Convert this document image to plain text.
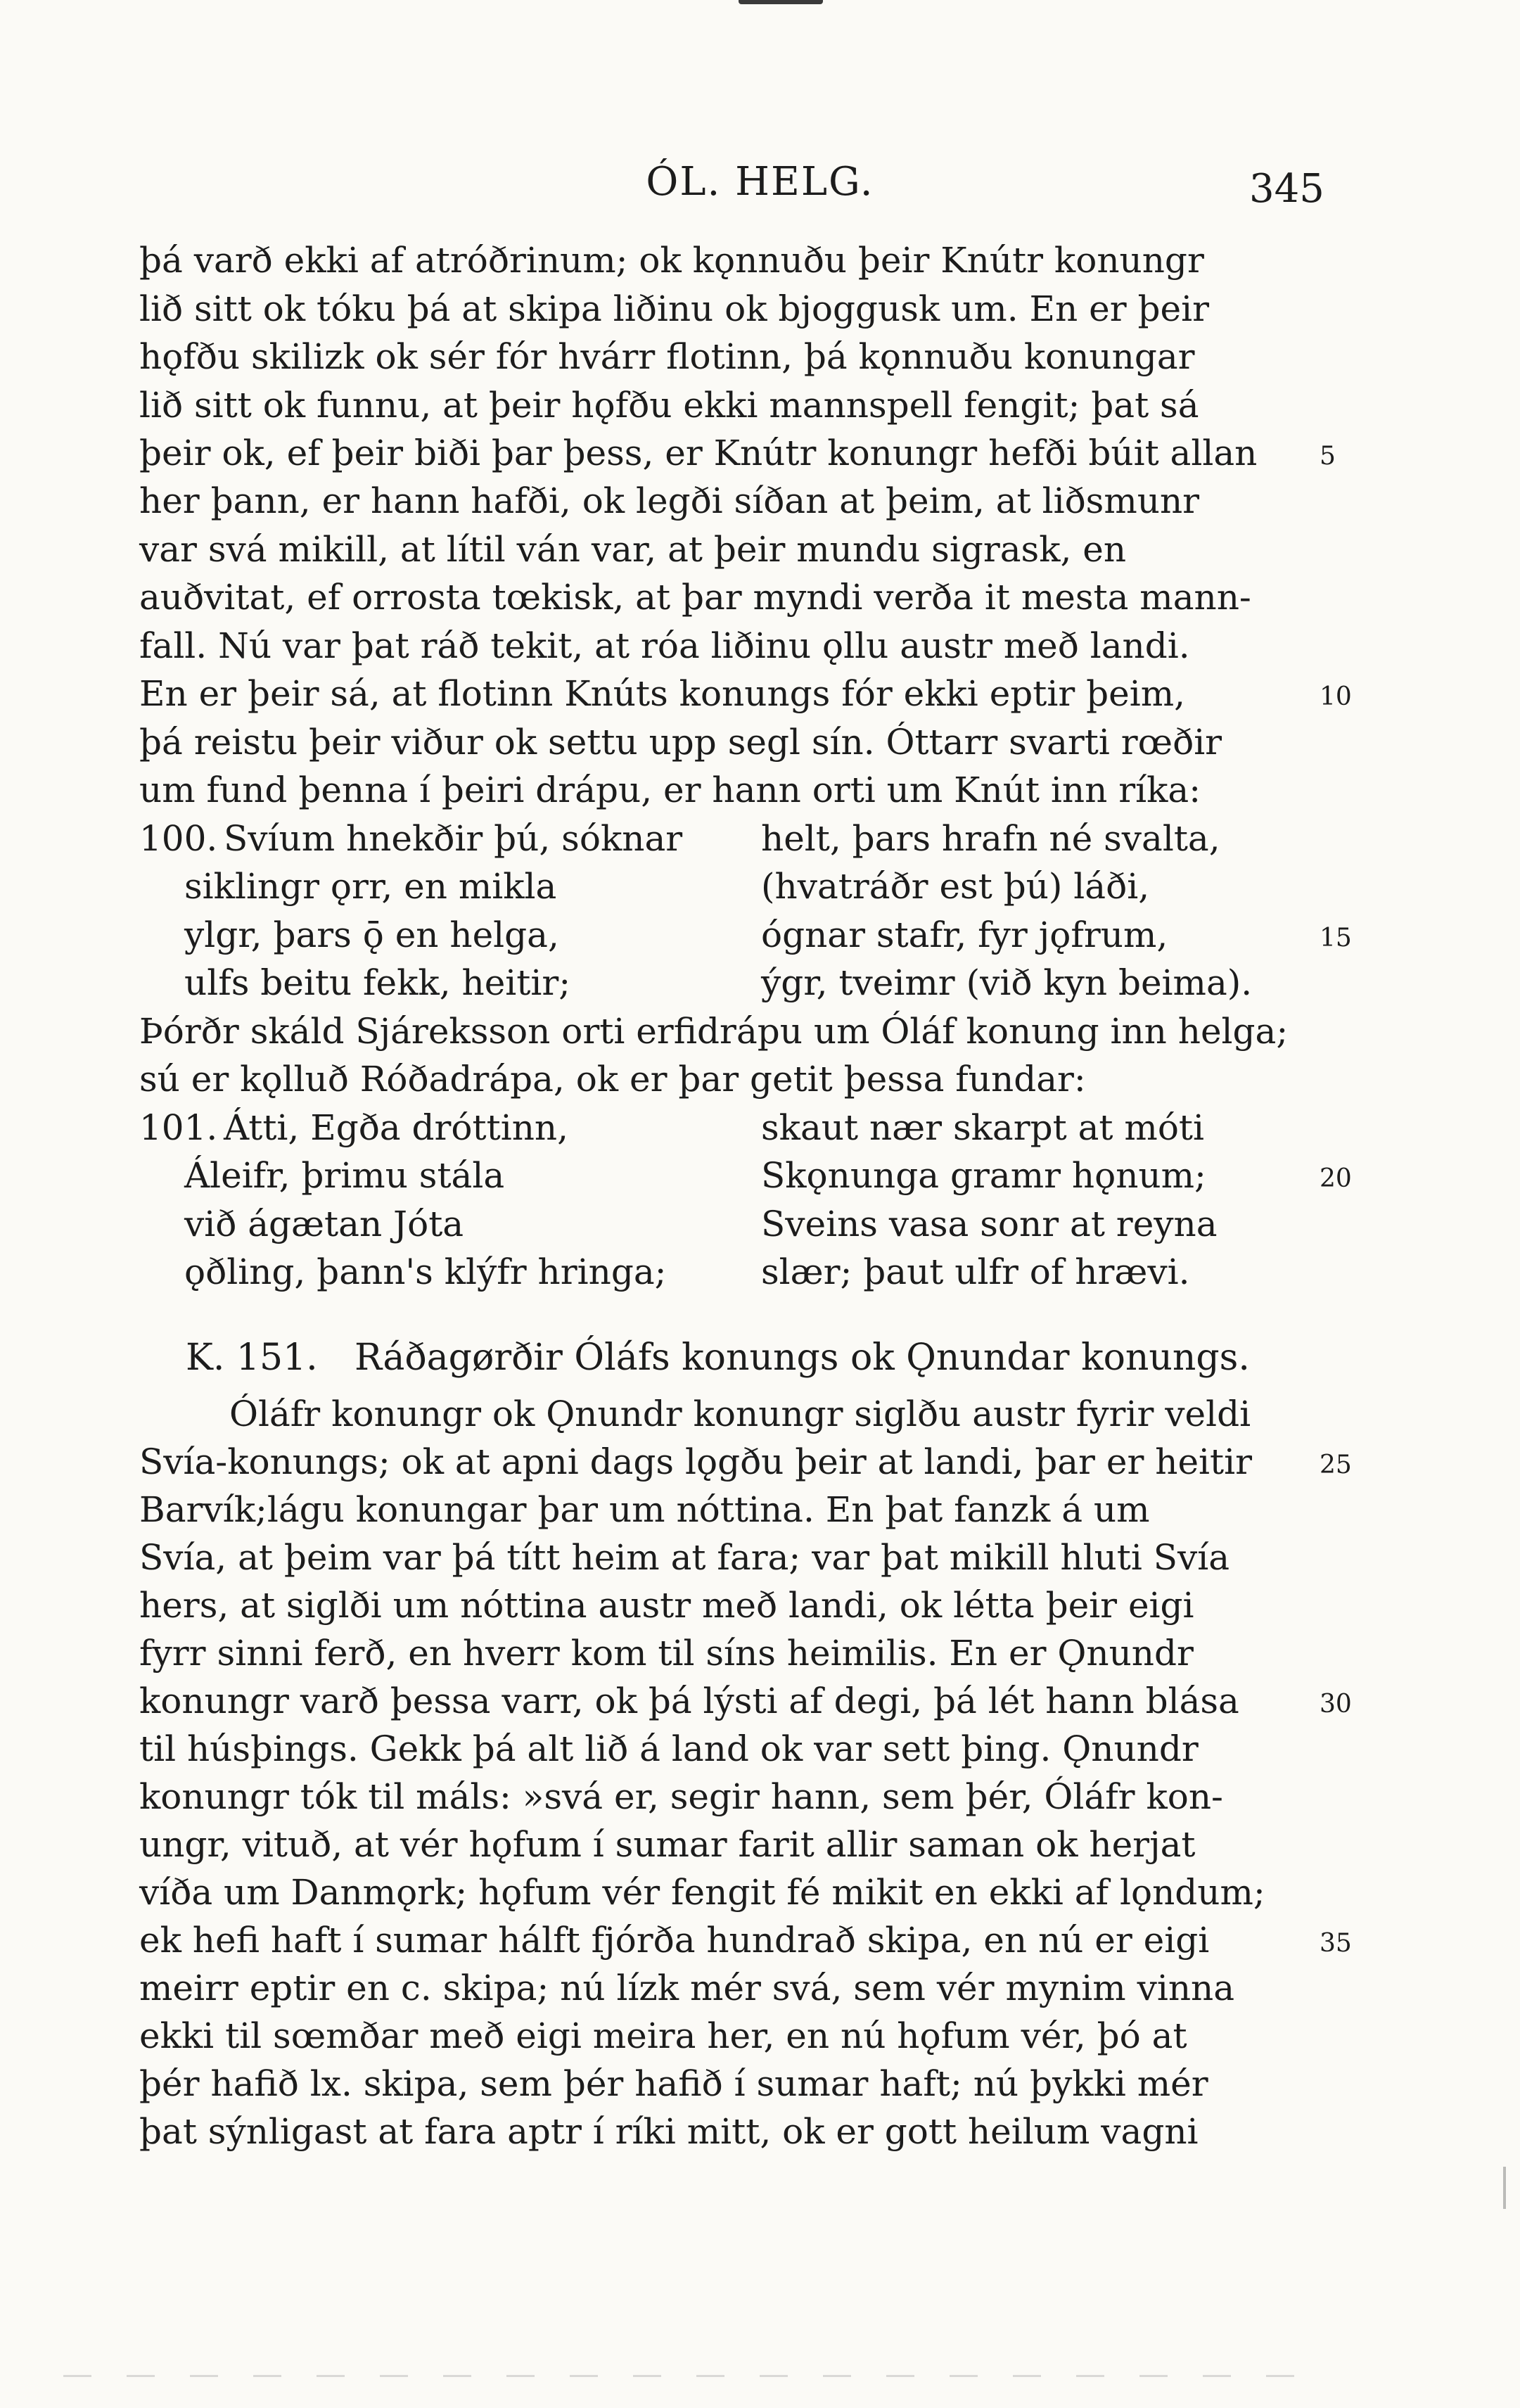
ÓL. HELG.	345
þá varð ekki af atróðrinum; ok kǫnnuðu þeir Knútr konungr
lið sitt ok tóku þá at skipa liðinu ok bjoggusk um. En er þeir
hǫfðu skilizk ok sér fór hvárr flotinn, þá kǫnnuðu konungar
lið sitt ok funnu, at þeir hǫfðu ekki mannspell fengit; þat sá
þeir ok, ef þeir biði þar þess, er Knútr konungr hefði búit allan
her þann, er hann hafði, ok legði síðan at þeim, at liðsmunr
var svá mikill, at lítil ván var, at þeir mundu sigrask, en
auðvitat, ef orrosta tœkisk, at þar myndi verða it mesta mann-
fall. Nú var þat ráð tekit, at róa liðinu ǫllu austr með landi.
En er þeir sá, at flotinn Knúts konungs fór ekki eptir þeim,
þá reistu þeir viður ok settu upp segl sín. Óttarr svarti rœðir
um fund þenna í þeiri drápu, er hann orti um Knút inn ríka:
100. Svíum hnekðir þú, sóknar
siklingr ǫrr, en mikla
ylgr, þars ǭ en helga,
ulfs beitu fekk, heitir;
helt, þars hrafn né svalta,
(hvatráðr est þú) láði,
ógnar stafr, fyr jǫfrum,
ýgr, tveimr (við kyn beima).
Þórðr skáld Sjáreksson orti erfidrápu um Óláf konung inn helga;
sú er kǫlluð Róðadrápa, ok er þar getit þessa fundar:
101. Átti, Egða dróttinn,
Áleifr, þrimu stála
við ágætan Jóta
ǫðling, þann's klýfr hringa;
skaut nær skarpt at móti
Skǫnunga gramr hǫnum;
Sveins vasa sonr at reyna
slær; þaut ulfr of hrævi.
K. 151. Ráðagørðir Óláfs konungs ok Ǫnundar konungs.
Óláfr konungr ok Ǫnundr konungr siglðu austr fyrir veldi
Svía-konungs; ok at apni dags lǫgðu þeir at landi, þar er heitir
Barvík;lágu konungar þar um nóttina. En þat fanzk á um
Svía, at þeim var þá títt heim at fara; var þat mikill hluti Svía
hers, at siglði um nóttina austr með landi, ok létta þeir eigi
fyrr sinni ferð, en hverr kom til síns heimilis. En er Ǫnundr
konungr varð þessa varr, ok þá lýsti af degi, þá lét hann blása
til húsþings. Gekk þá alt lið á land ok var sett þing. Ǫnundr
konungr tók til máls: »svá er, segir hann, sem þér, Óláfr kon-
ungr, vituð, at vér hǫfum í sumar farit allir saman ok herjat
víða um Danmǫrk; hǫfum vér fengit fé mikit en ekki af lǫndum;
ek hefi haft í sumar hálft fjórða hundrað skipa, en nú er eigi
meirr eptir en c. skipa; nú lízk mér svá, sem vér mynim vinna
ekki til sœmðar með eigi meira her, en nú hǫfum vér, þó at
þér hafið lx. skipa, sem þér hafið í sumar haft; nú þykki mér
þat sýnligast at fara aptr í ríki mitt, ok er gott heilum vagni
5
10
15
20
25
30
35
